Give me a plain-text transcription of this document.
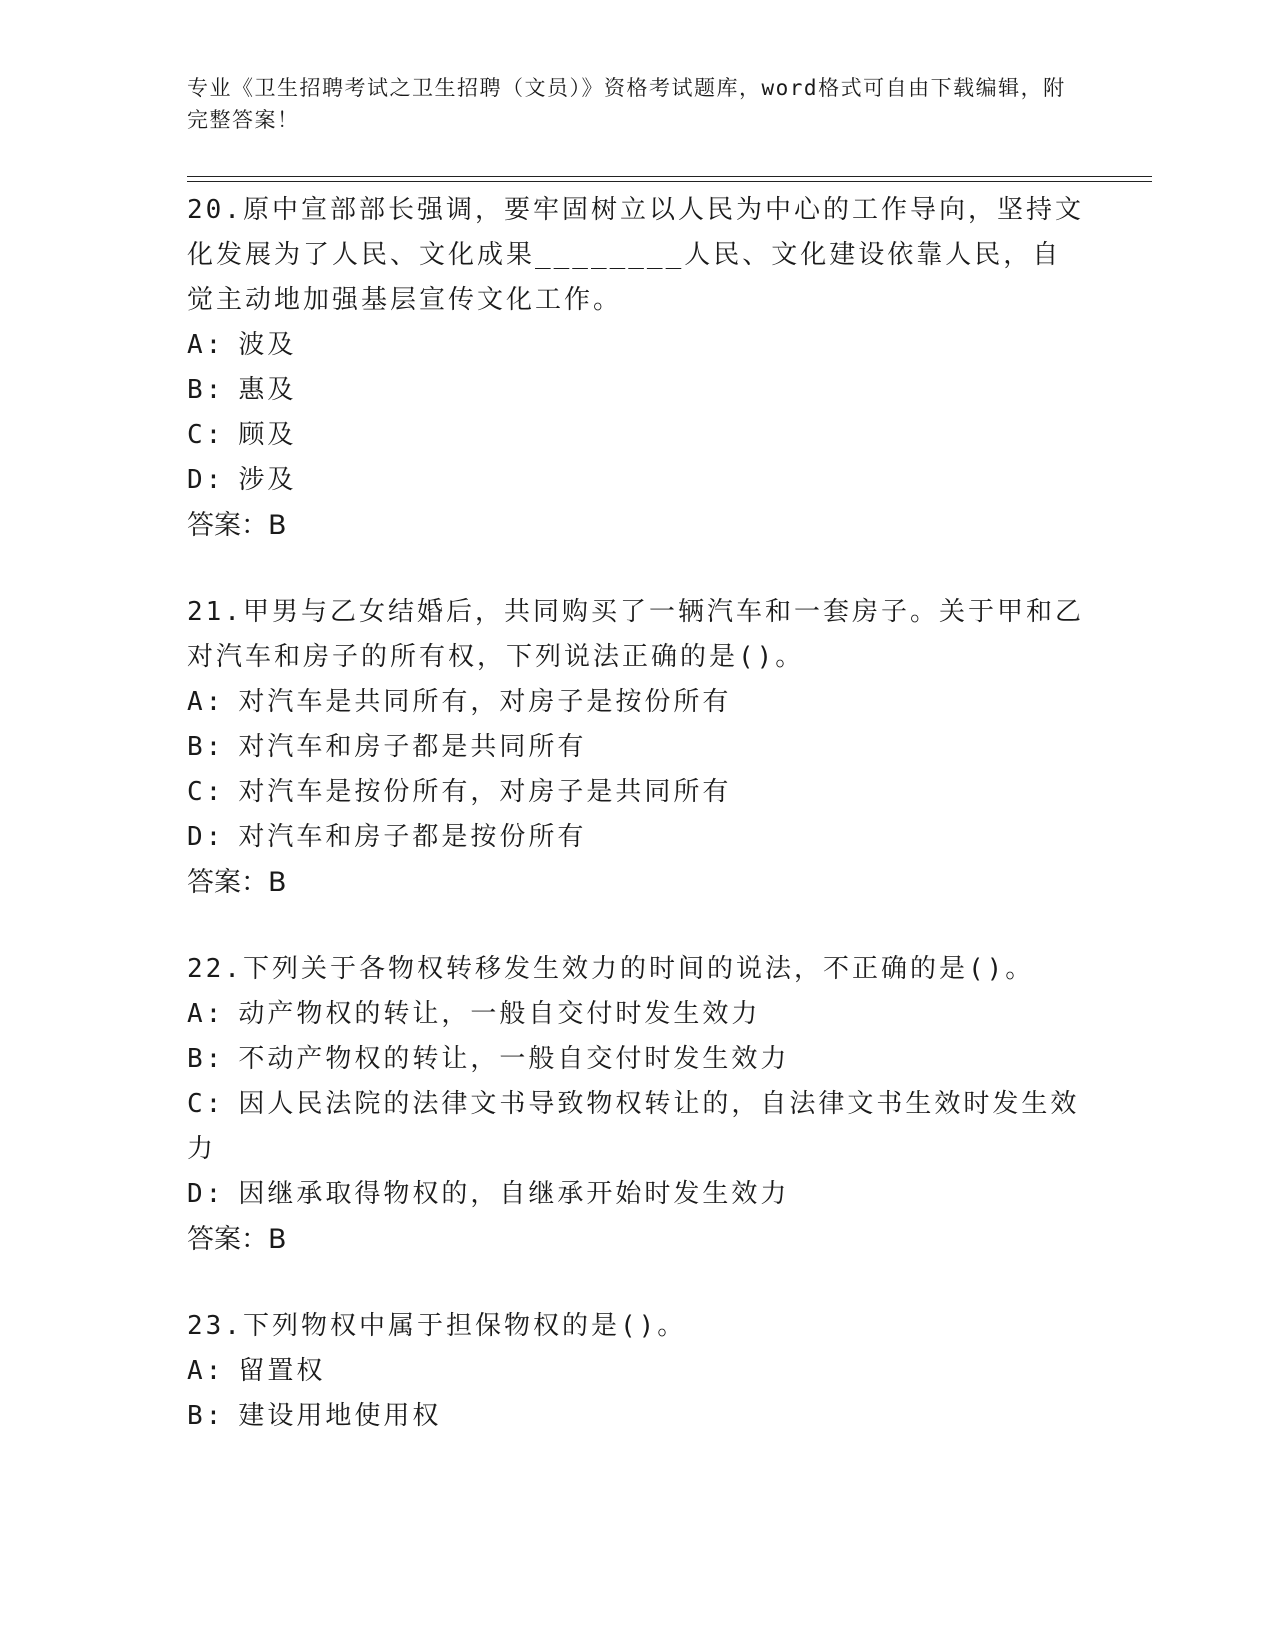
专业《卫生招聘考试之卫生招聘（文员）》资格考试题库，word格式可自由下载编辑，附完整答案！
20.原中宣部部长强调，要牢固树立以人民为中心的工作导向，坚持文化发展为了人民、文化成果________人民、文化建设依靠人民，自觉主动地加强基层宣传文化工作。
A: 波及
B: 惠及
C: 顾及
D: 涉及
答案：B
21.甲男与乙女结婚后，共同购买了一辆汽车和一套房子。关于甲和乙对汽车和房子的所有权，下列说法正确的是()。
A: 对汽车是共同所有，对房子是按份所有
B: 对汽车和房子都是共同所有
C: 对汽车是按份所有，对房子是共同所有
D: 对汽车和房子都是按份所有
答案：B
22.下列关于各物权转移发生效力的时间的说法，不正确的是()。
A: 动产物权的转让，一般自交付时发生效力
B: 不动产物权的转让，一般自交付时发生效力
C: 因人民法院的法律文书导致物权转让的，自法律文书生效时发生效力
D: 因继承取得物权的，自继承开始时发生效力
答案：B
23.下列物权中属于担保物权的是()。
A: 留置权
B: 建设用地使用权
